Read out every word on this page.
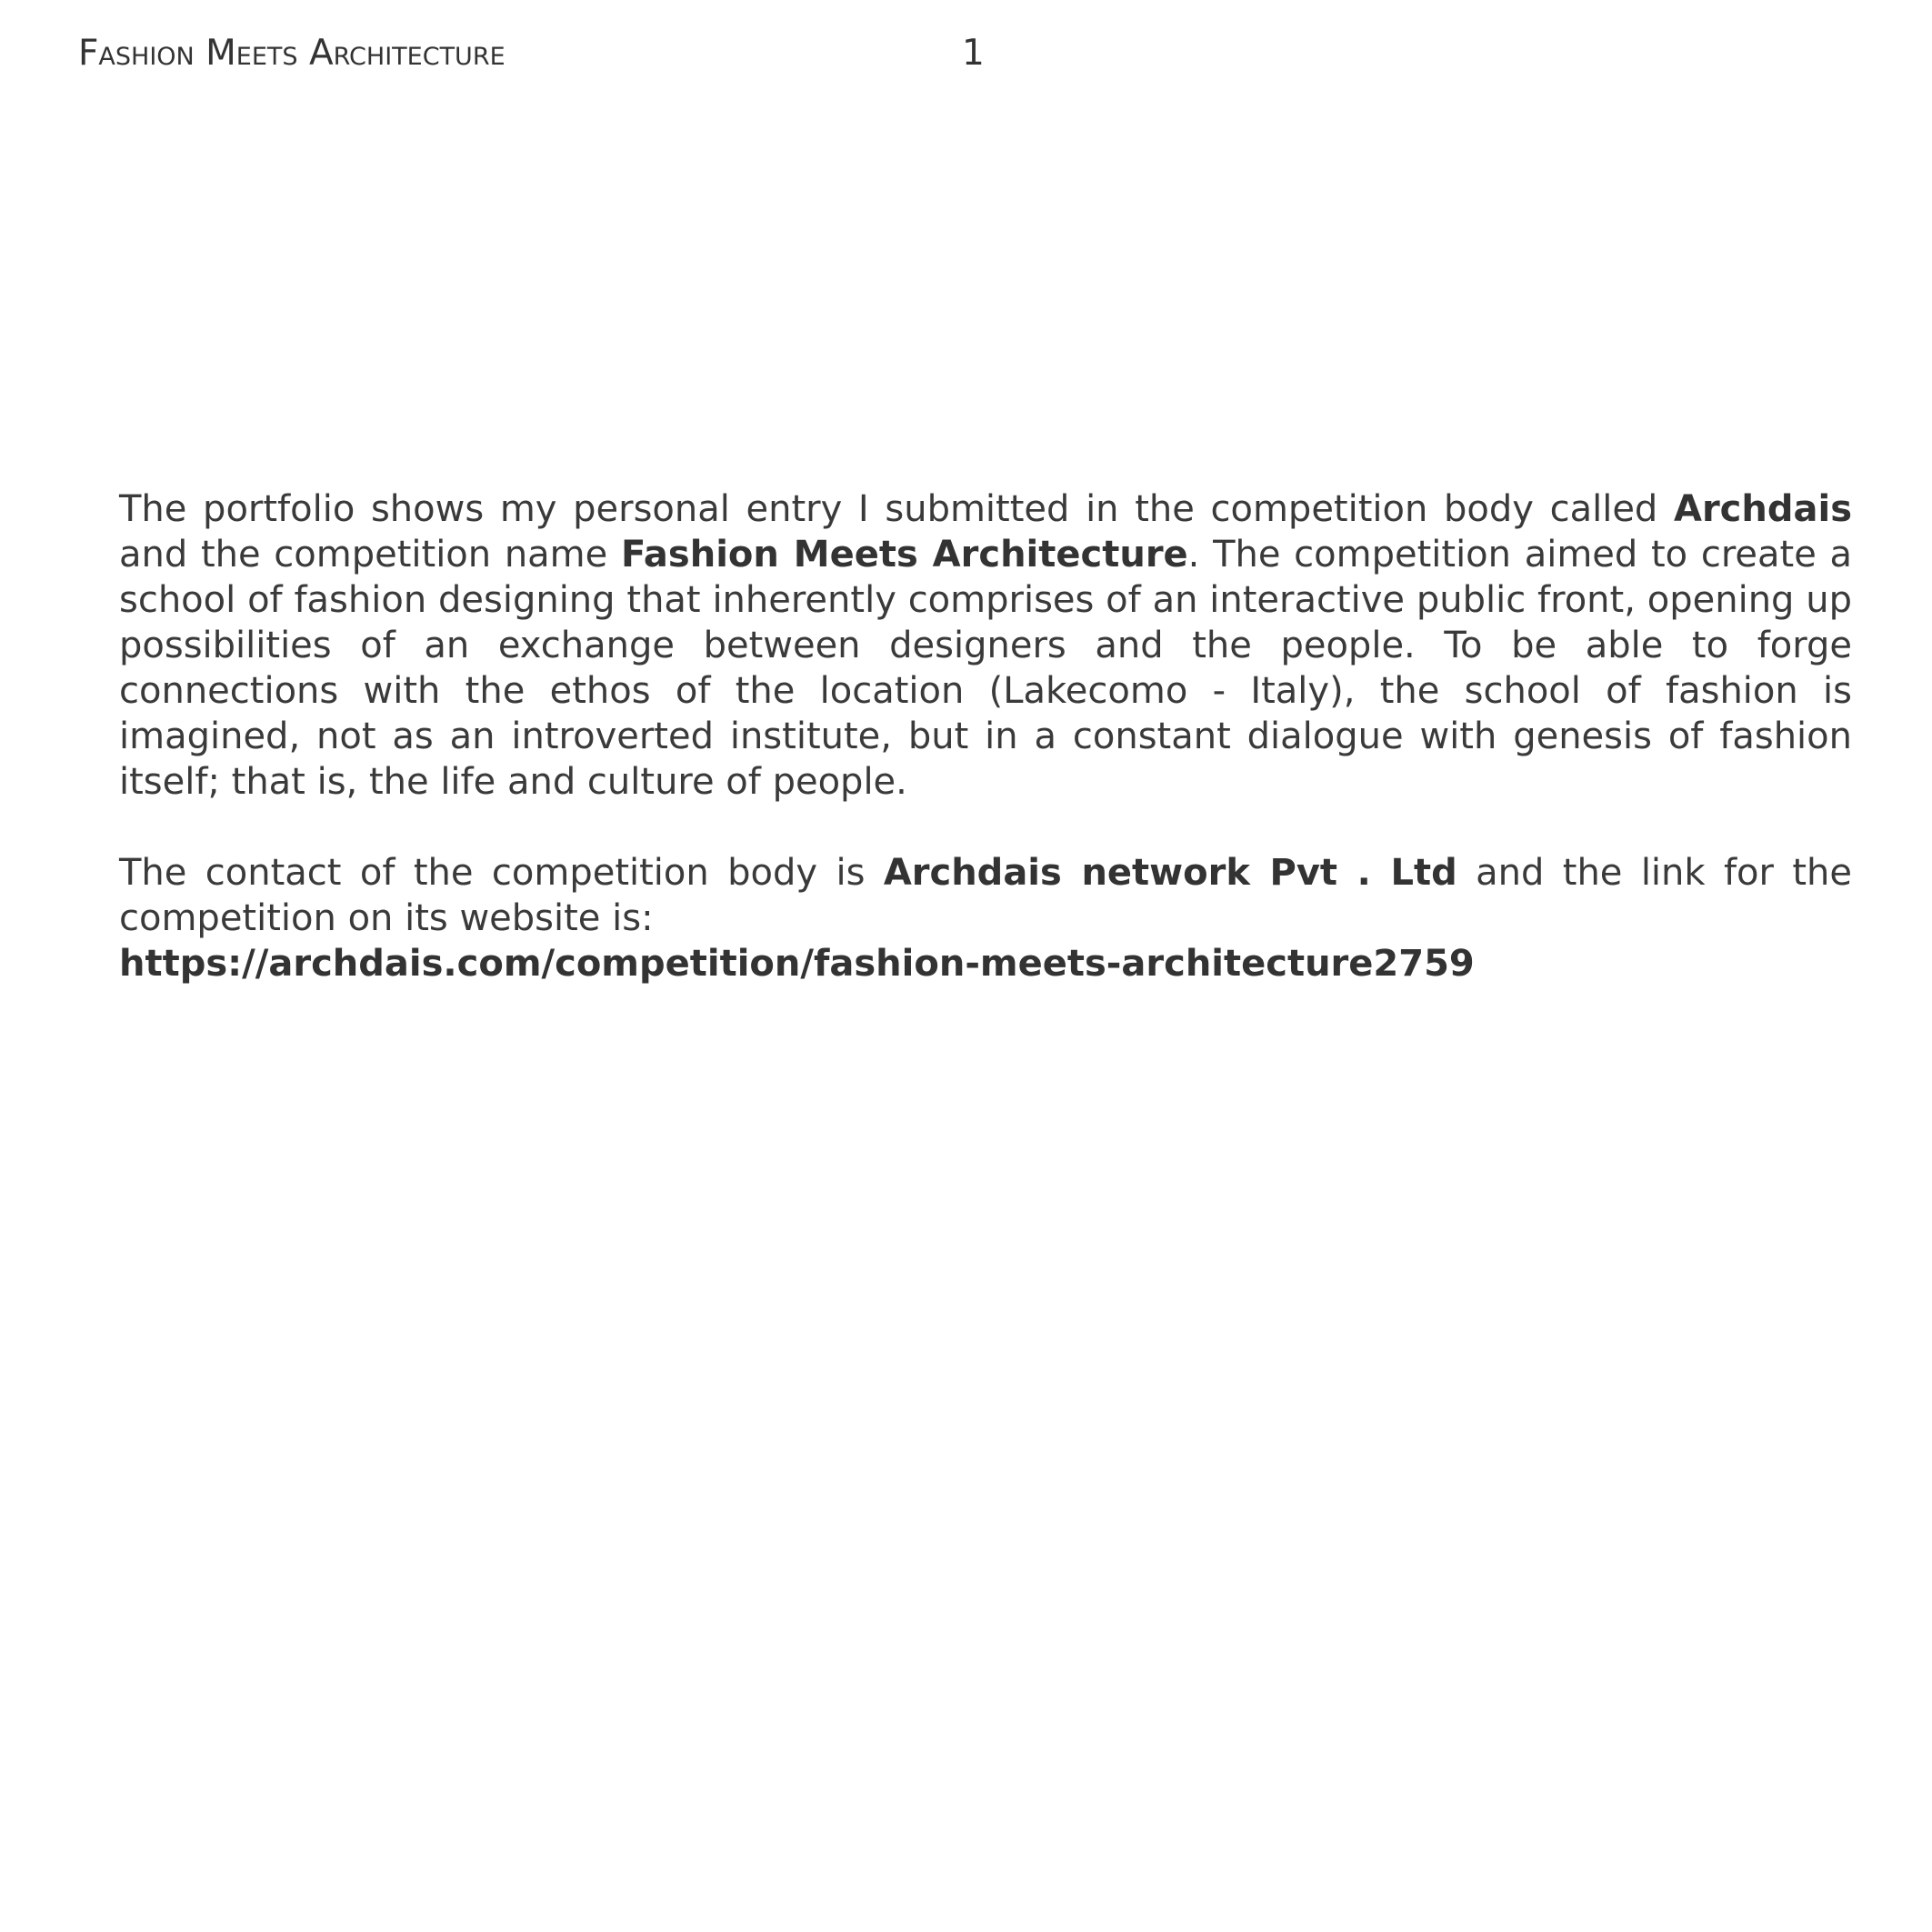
Fashion Meets Architecture	1

The portfolio shows my personal entry I submitted in the competition body called Archdais and the competition name Fashion Meets Architecture. The competition aimed to create a school of fashion designing that inherently comprises of an interactive public front, opening up possibilities of an exchange between designers and the people. To be able to forge connections with the ethos of the location (Lakecomo - Italy), the school of fashion is imagined, not as an introverted institute, but in a constant dialogue with genesis of fashion itself; that is, the life and culture of people.

The contact of the competition body is Archdais network Pvt . Ltd and the link for the competition on its website is:
https://archdais.com/competition/fashion-meets-architecture2759
